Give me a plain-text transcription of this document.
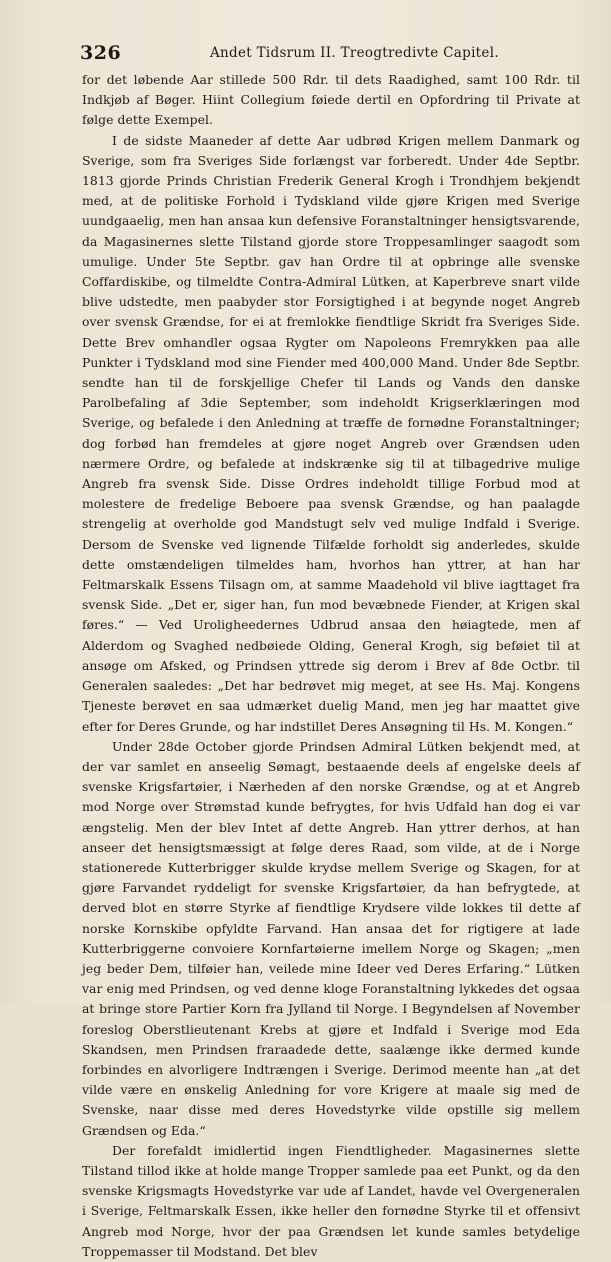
326	Andet Tidsrum II. Treogtredivte Capitel.

for det løbende Aar stillede 500 Rdr. til dets Raadighed, samt 100 Rdr. til Indkjøb af Bøger. Hiint Collegium føiede dertil en Opfordring til Private at følge dette Exempel.

I de sidste Maaneder af dette Aar udbrød Krigen mellem Danmark og Sverige, som fra Sveriges Side forlængst var forberedt. Under 4de Septbr. 1813 gjorde Prinds Christian Frederik General Krogh i Trondhjem bekjendt med, at de politiske Forhold i Tydskland vilde gjøre Krigen med Sverige uundgaaelig, men han ansaa kun defensive Foranstaltninger hensigtsvarende, da Magasinernes slette Tilstand gjorde store Troppesamlinger saagodt som umulige. Under 5te Septbr. gav han Ordre til at opbringe alle svenske Coffardiskibe, og tilmeldte Contra-Admiral Lütken, at Kaperbreve snart vilde blive udstedte, men paabyder stor Forsigtighed i at begynde noget Angreb over svensk Grændse, for ei at fremlokke fiendtlige Skridt fra Sveriges Side. Dette Brev omhandler ogsaa Rygter om Napoleons Fremrykken paa alle Punkter i Tydskland mod sine Fiender med 400,000 Mand. Under 8de Septbr. sendte han til de forskjellige Chefer til Lands og Vands den danske Parolbefaling af 3die September, som indeholdt Krigserklæringen mod Sverige, og befalede i den Anledning at træffe de fornødne Foranstaltninger; dog forbød han fremdeles at gjøre noget Angreb over Grændsen uden nærmere Ordre, og befalede at indskrænke sig til at tilbagedrive mulige Angreb fra svensk Side. Disse Ordres indeholdt tillige Forbud mod at molestere de fredelige Beboere paa svensk Grændse, og han paalagde strengelig at overholde god Mandstugt selv ved mulige Indfald i Sverige. Dersom de Svenske ved lignende Tilfælde forholdt sig anderledes, skulde dette omstændeligen tilmeldes ham, hvorhos han yttrer, at han har Feltmarskalk Essens Tilsagn om, at samme Maadehold vil blive iagttaget fra svensk Side. „Det er, siger han, fun mod bevæbnede Fiender, at Krigen skal føres.“ — Ved Uroligheedernes Udbrud ansaa den høiagtede, men af Alderdom og Svaghed nedbøiede Olding, General Krogh, sig beføiet til at ansøge om Afsked, og Prindsen yttrede sig derom i Brev af 8de Octbr. til Generalen saaledes: „Det har bedrøvet mig meget, at see Hs. Maj. Kongens Tjeneste berøvet en saa udmærket duelig Mand, men jeg har maattet give efter for Deres Grunde, og har indstillet Deres Ansøgning til Hs. M. Kongen.“

Under 28de October gjorde Prindsen Admiral Lütken bekjendt med, at der var samlet en anseelig Sømagt, bestaaende deels af engelske deels af svenske Krigsfartøier, i Nærheden af den norske Grændse, og at et Angreb mod Norge over Strømstad kunde befrygtes, for hvis Udfald han dog ei var ængstelig. Men der blev Intet af dette Angreb. Han yttrer derhos, at han anseer det hensigtsmæssigt at følge deres Raad, som vilde, at de i Norge stationerede Kutterbrigger skulde krydse mellem Sverige og Skagen, for at gjøre Farvandet ryddeligt for svenske Krigsfartøier, da han befrygtede, at derved blot en større Styrke af fiendtlige Krydsere vilde lokkes til dette af norske Kornskibe opfyldte Farvand. Han ansaa det for rigtigere at lade Kutterbriggerne convoiere Kornfartøierne imellem Norge og Skagen; „men jeg beder Dem, tilføier han, veilede mine Ideer ved Deres Erfaring.“ Lütken var enig med Prindsen, og ved denne kloge Foranstaltning lykkedes det ogsaa at bringe store Partier Korn fra Jylland til Norge. I Begyndelsen af November foreslog Oberstlieutenant Krebs at gjøre et Indfald i Sverige mod Eda Skandsen, men Prindsen fraraadede dette, saalænge ikke dermed kunde forbindes en alvorligere Indtrængen i Sverige. Derimod meente han „at det vilde være en ønskelig Anledning for vore Krigere at maale sig med de Svenske, naar disse med deres Hovedstyrke vilde opstille sig mellem Grændsen og Eda.“

Der forefaldt imidlertid ingen Fiendtligheder. Magasinernes slette Tilstand tillod ikke at holde mange Tropper samlede paa eet Punkt, og da den svenske Krigsmagts Hovedstyrke var ude af Landet, havde vel Overgeneralen i Sverige, Feltmarskalk Essen, ikke heller den fornødne Styrke til et offensivt Angreb mod Norge, hvor der paa Grændsen let kunde samles betydelige Troppemasser til Modstand. Det blev
